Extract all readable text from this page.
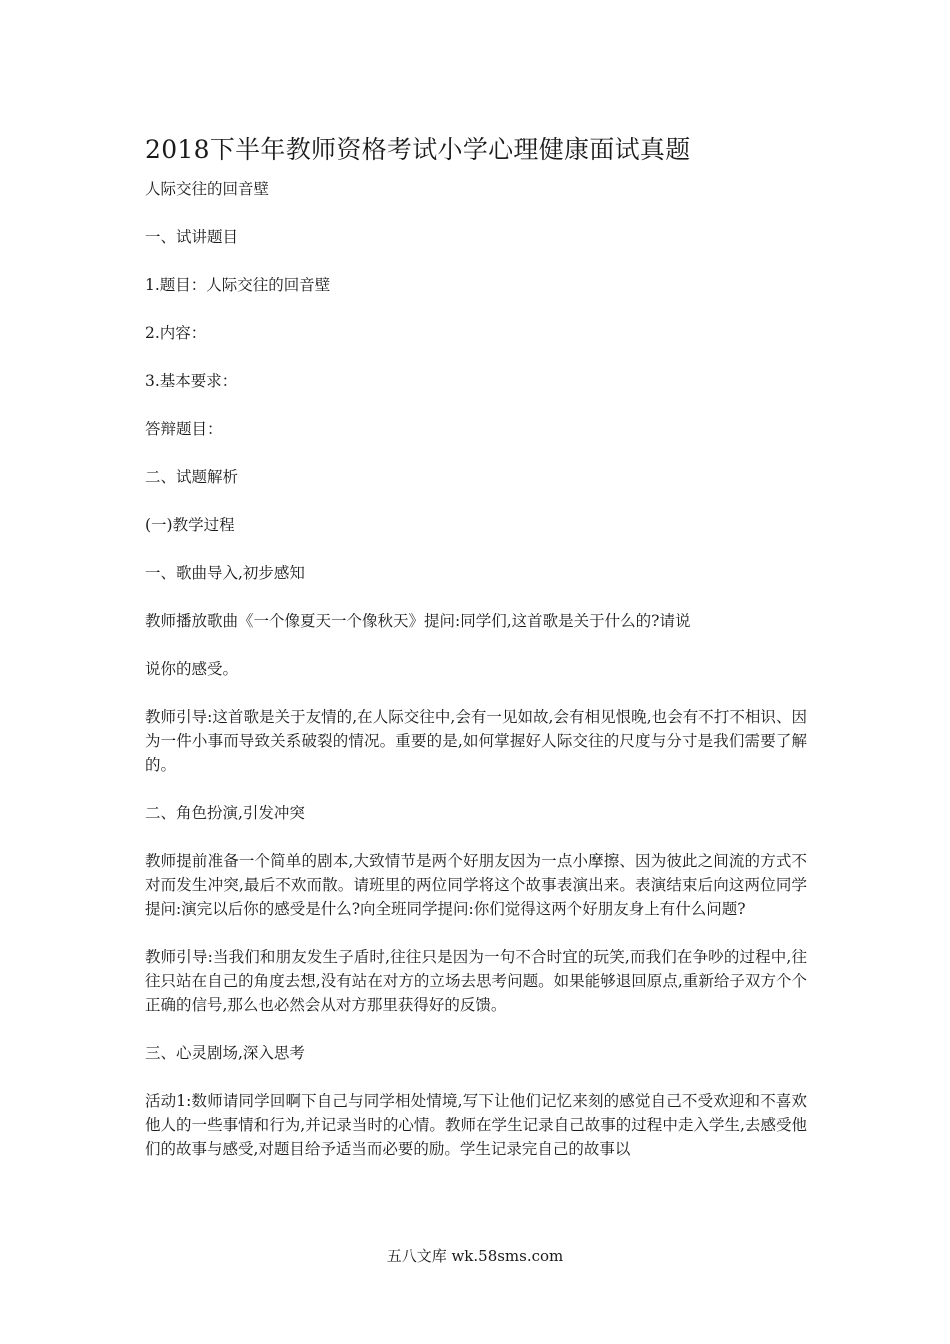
2018下半年教师资格考试小学心理健康面试真题
人际交往的回音壁
一、试讲题目
1.题目：人际交往的回音壁
2.内容：
3.基本要求：
答辩题目：
二、试题解析
(一)教学过程
一、歌曲导入,初步感知
教师播放歌曲《一个像夏天一个像秋天》提问:同学们,这首歌是关于什么的?请说
说你的感受。
教师引导:这首歌是关于友情的,在人际交往中,会有一见如故,会有相见恨晚,也会有不打不相识、因为一件小事而导致关系破裂的情况。重要的是,如何掌握好人际交往的尺度与分寸是我们需要了解的。
二、角色扮演,引发冲突
教师提前准备一个简单的剧本,大致情节是两个好朋友因为一点小摩擦、因为彼此之间流的方式不对而发生冲突,最后不欢而散。请班里的两位同学将这个故事表演出来。表演结束后向这两位同学提问:演完以后你的感受是什么?向全班同学提问:你们觉得这两个好朋友身上有什么问题?
教师引导:当我们和朋友发生子盾时,往往只是因为一句不合时宜的玩笑,而我们在争吵的过程中,往往只站在自己的角度去想,没有站在对方的立场去思考问题。如果能够退回原点,重新给子双方个个正确的信号,那么也必然会从对方那里获得好的反馈。
三、心灵剧场,深入思考
活动1:数师请同学回啊下自己与同学相处情境,写下让他们记忆来刻的感觉自己不受欢迎和不喜欢他人的一些事情和行为,并记录当时的心情。教师在学生记录自己故事的过程中走入学生,去感受他们的故事与感受,对题目给予适当而必要的励。学生记录完自己的故事以
五八文库 wk.58sms.com
